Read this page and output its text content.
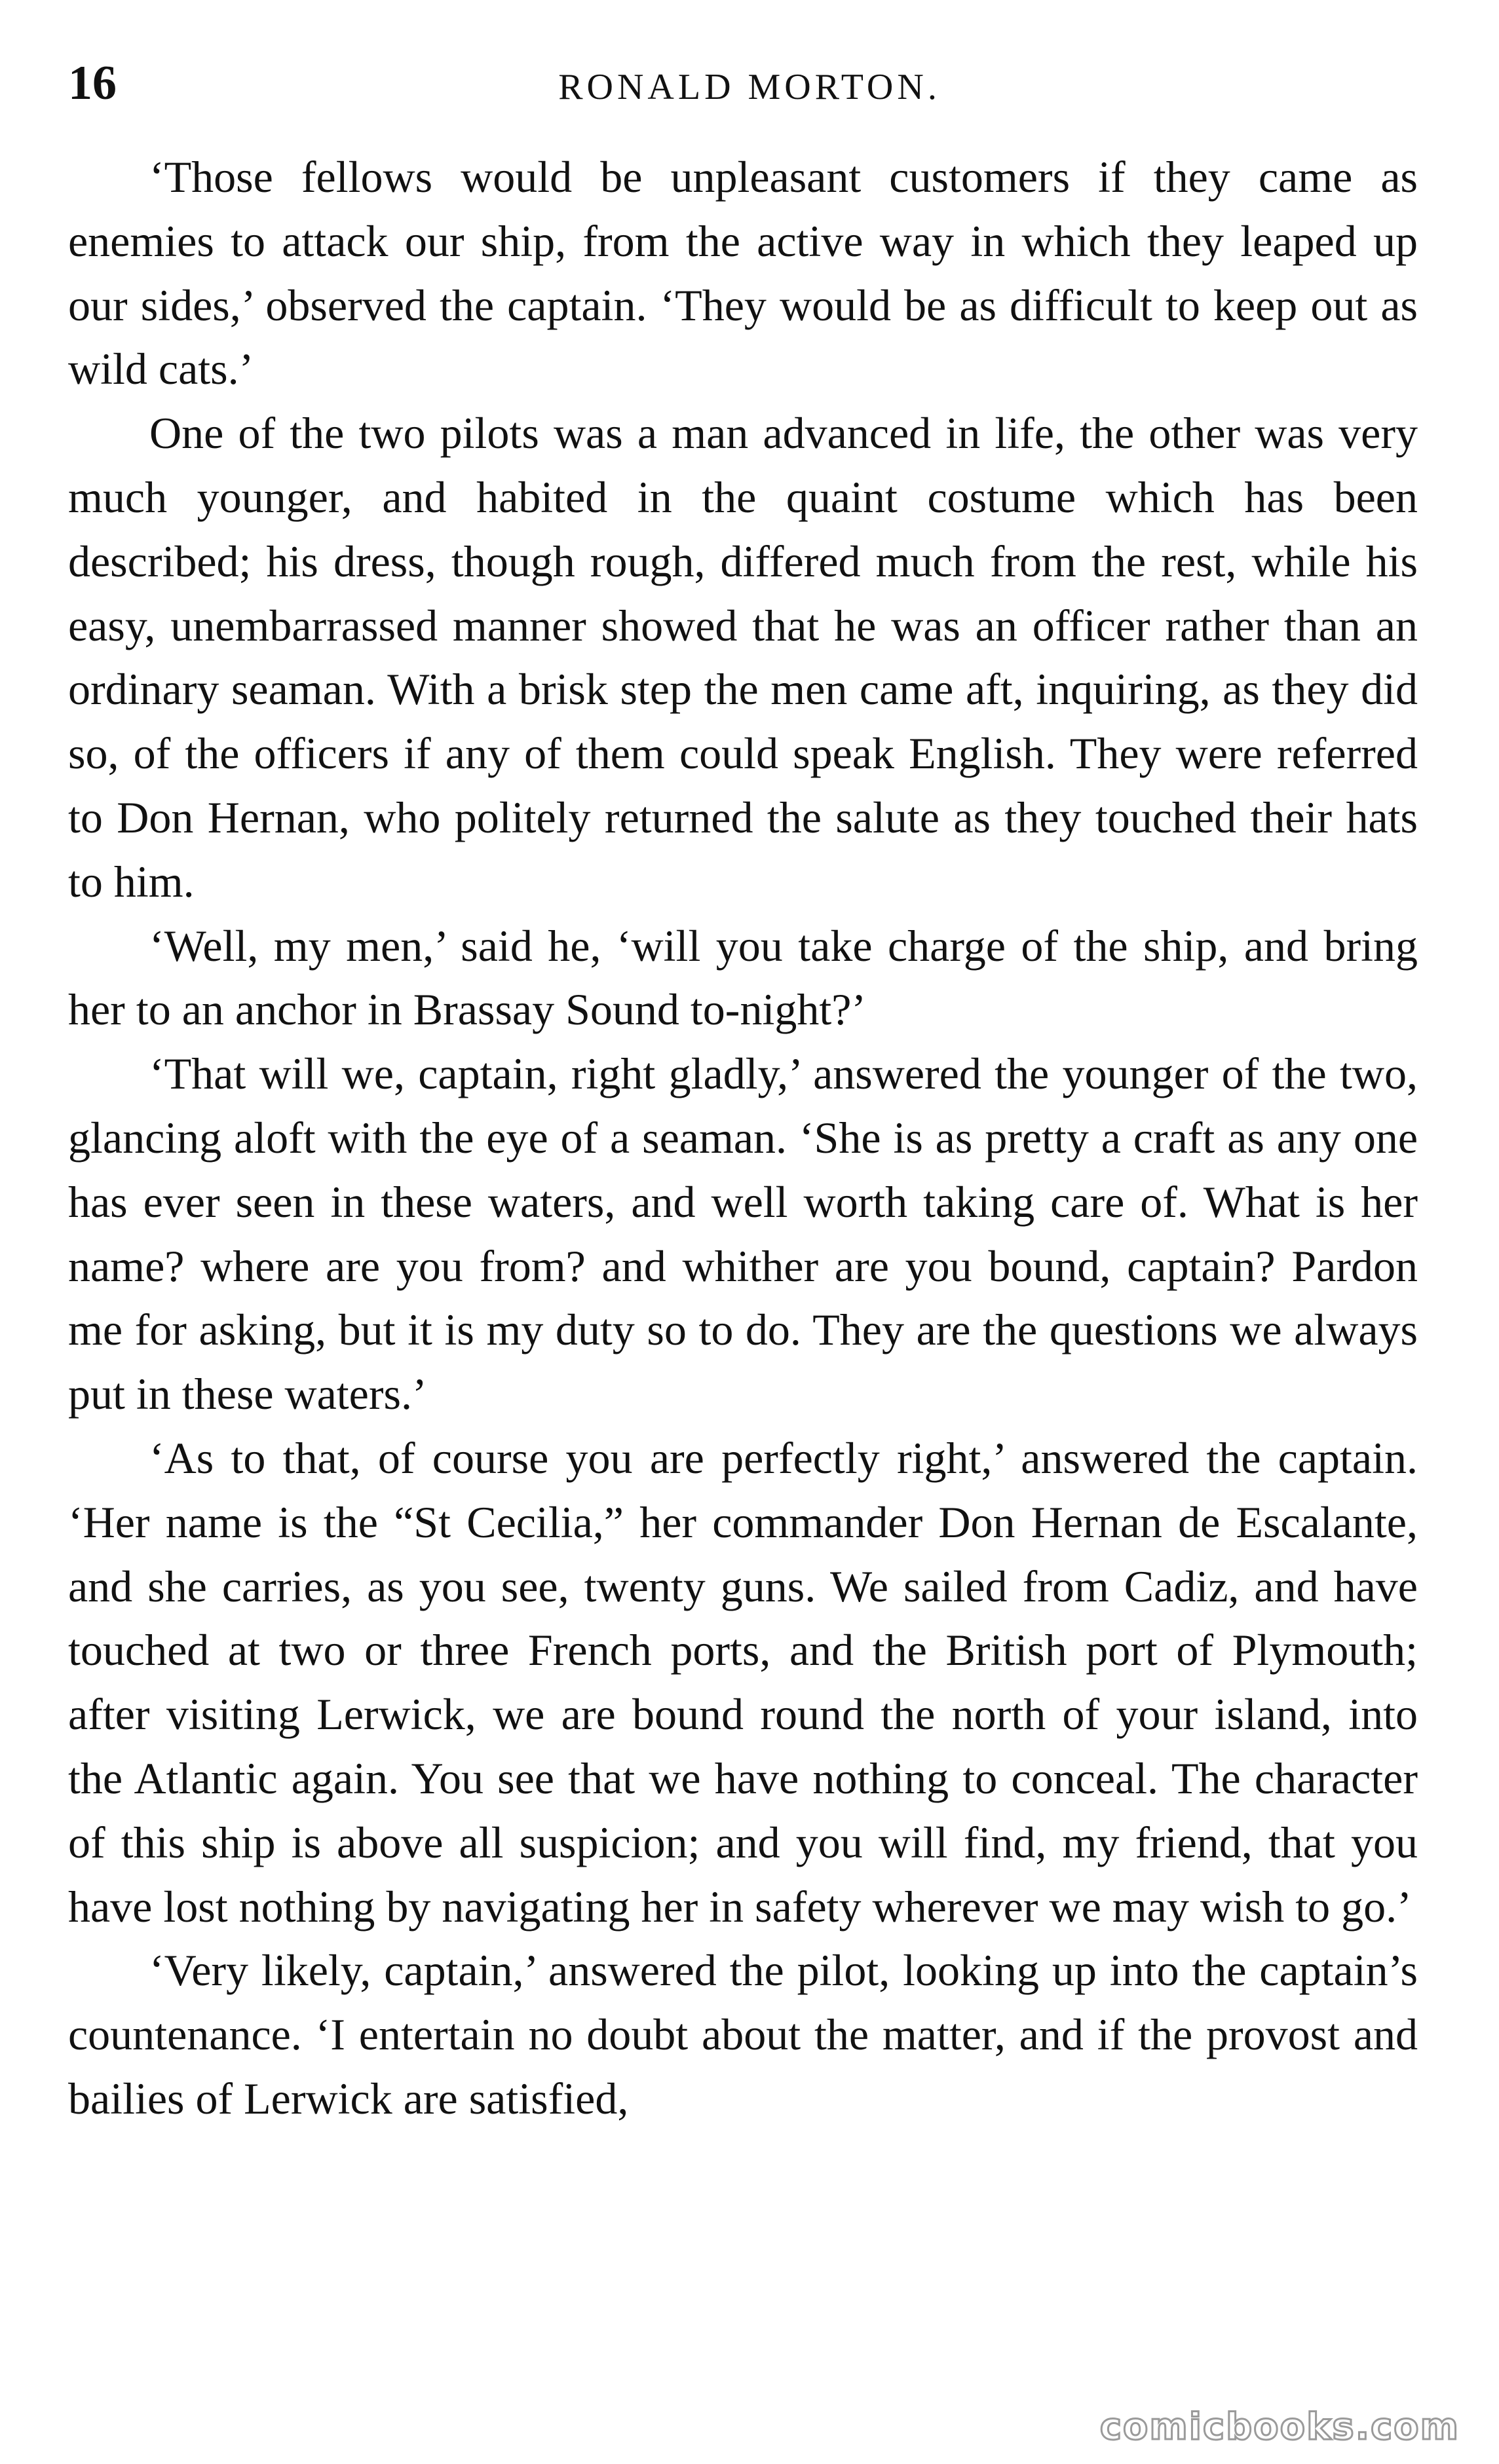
16	RONALD MORTON.

‘Those fellows would be unpleasant customers if they came as enemies to attack our ship, from the active way in which they leaped up our sides,’ observed the captain. ‘They would be as difficult to keep out as wild cats.’

One of the two pilots was a man advanced in life, the other was very much younger, and habited in the quaint costume which has been described; his dress, though rough, differed much from the rest, while his easy, unembarrassed manner showed that he was an officer rather than an ordinary seaman. With a brisk step the men came aft, inquiring, as they did so, of the officers if any of them could speak English. They were referred to Don Hernan, who politely returned the salute as they touched their hats to him.

‘Well, my men,’ said he, ‘will you take charge of the ship, and bring her to an anchor in Brassay Sound to-night?’

‘That will we, captain, right gladly,’ answered the younger of the two, glancing aloft with the eye of a seaman. ‘She is as pretty a craft as any one has ever seen in these waters, and well worth taking care of. What is her name? where are you from? and whither are you bound, captain? Pardon me for asking, but it is my duty so to do. They are the questions we always put in these waters.’

‘As to that, of course you are perfectly right,’ answered the captain. ‘Her name is the “St Cecilia,” her commander Don Hernan de Escalante, and she carries, as you see, twenty guns. We sailed from Cadiz, and have touched at two or three French ports, and the British port of Plymouth; after visiting Lerwick, we are bound round the north of your island, into the Atlantic again. You see that we have nothing to conceal. The character of this ship is above all suspicion; and you will find, my friend, that you have lost nothing by navigating her in safety wherever we may wish to go.’

‘Very likely, captain,’ answered the pilot, looking up into the captain’s countenance. ‘I entertain no doubt about the matter, and if the provost and bailies of Lerwick are satisfied,

comicbooks.com
